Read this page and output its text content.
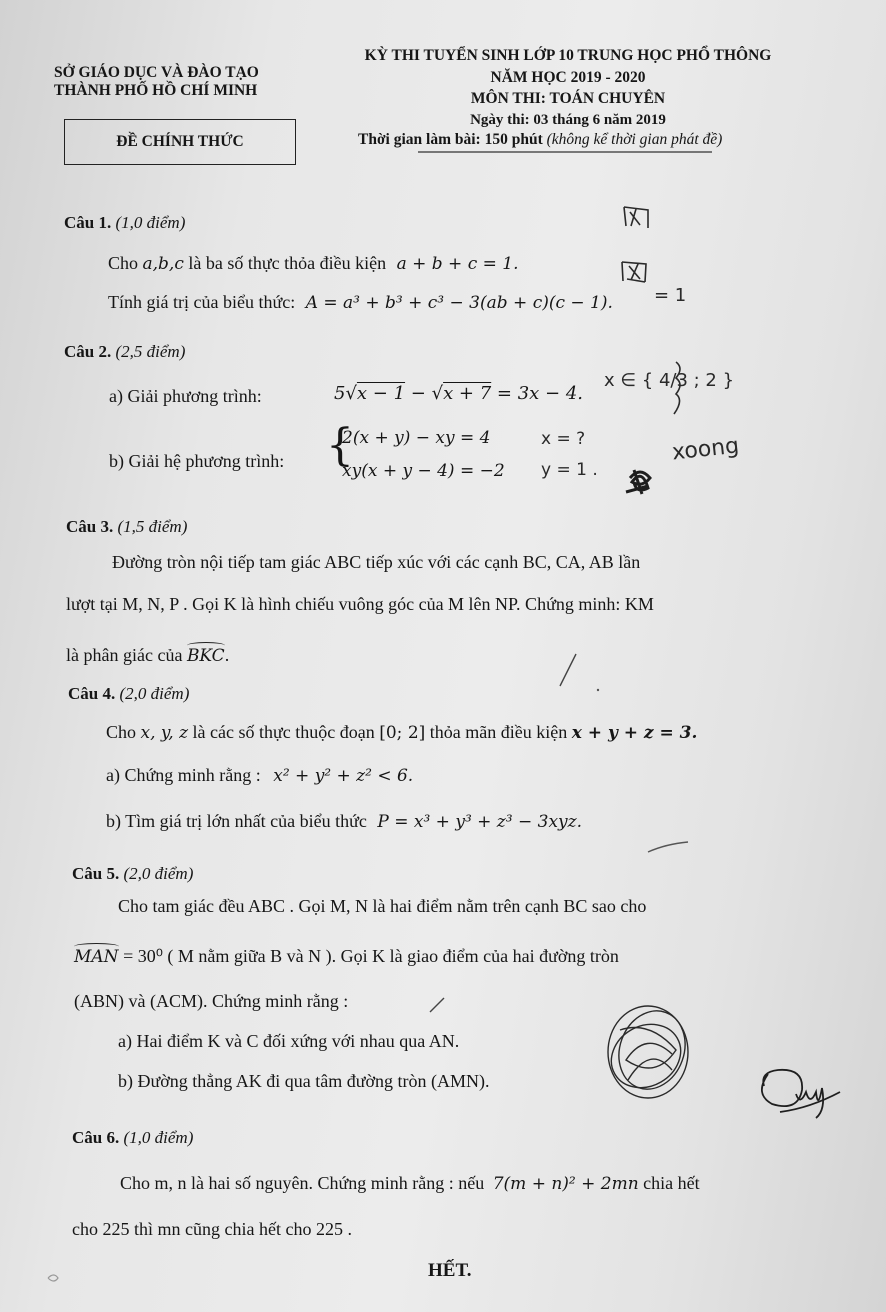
SỞ GIÁO DỤC VÀ ĐÀO TẠO
THÀNH PHỐ HỒ CHÍ MINH
ĐỀ CHÍNH THỨC
KỲ THI TUYỂN SINH LỚP 10 TRUNG HỌC PHỔ THÔNG
NĂM HỌC 2019 - 2020
MÔN THI: TOÁN CHUYÊN
Ngày thi: 03 tháng 6 năm 2019
Thời gian làm bài: 150 phút (không kể thời gian phát đề)
Câu 1. (1,0 điểm)
Cho a,b,c là ba số thực thỏa điều kiện a + b + c = 1.
Tính giá trị của biểu thức: A = a³ + b³ + c³ − 3(ab + c)(c − 1).
Câu 2. (2,5 điểm)
a) Giải phương trình:	5√x − 1 − √x + 7 = 3x − 4.
b) Giải hệ phương trình: {
2(x + y) − xy = 4
xy(x + y − 4) = −2
Câu 3. (1,5 điểm)
Đường tròn nội tiếp tam giác ABC tiếp xúc với các cạnh BC, CA, AB lần
lượt tại M, N, P . Gọi K là hình chiếu vuông góc của M lên NP. Chứng minh: KM
là phân giác của BKC.
Câu 4. (2,0 điểm)
Cho x, y, z là các số thực thuộc đoạn [0; 2] thỏa mãn điều kiện x + y + z = 3.
a) Chứng minh rằng : x² + y² + z² < 6.
b) Tìm giá trị lớn nhất của biểu thức P = x³ + y³ + z³ − 3xyz.
Câu 5. (2,0 điểm)
Cho tam giác đều ABC . Gọi M, N là hai điểm nằm trên cạnh BC sao cho
MAN = 30⁰ ( M nằm giữa B và N ). Gọi K là giao điểm của hai đường tròn
(ABN) và (ACM). Chứng minh rằng :
a) Hai điểm K và C đối xứng với nhau qua AN.
b) Đường thẳng AK đi qua tâm đường tròn (AMN).
Câu 6. (1,0 điểm)
Cho m, n là hai số nguyên. Chứng minh rằng : nếu 7(m + n)² + 2mn chia hết
cho 225 thì mn cũng chia hết cho 225 .
HẾT.
= 1
x ∈ { 4/3 ; 2 }
x = ?
y = 1 .
xoong
